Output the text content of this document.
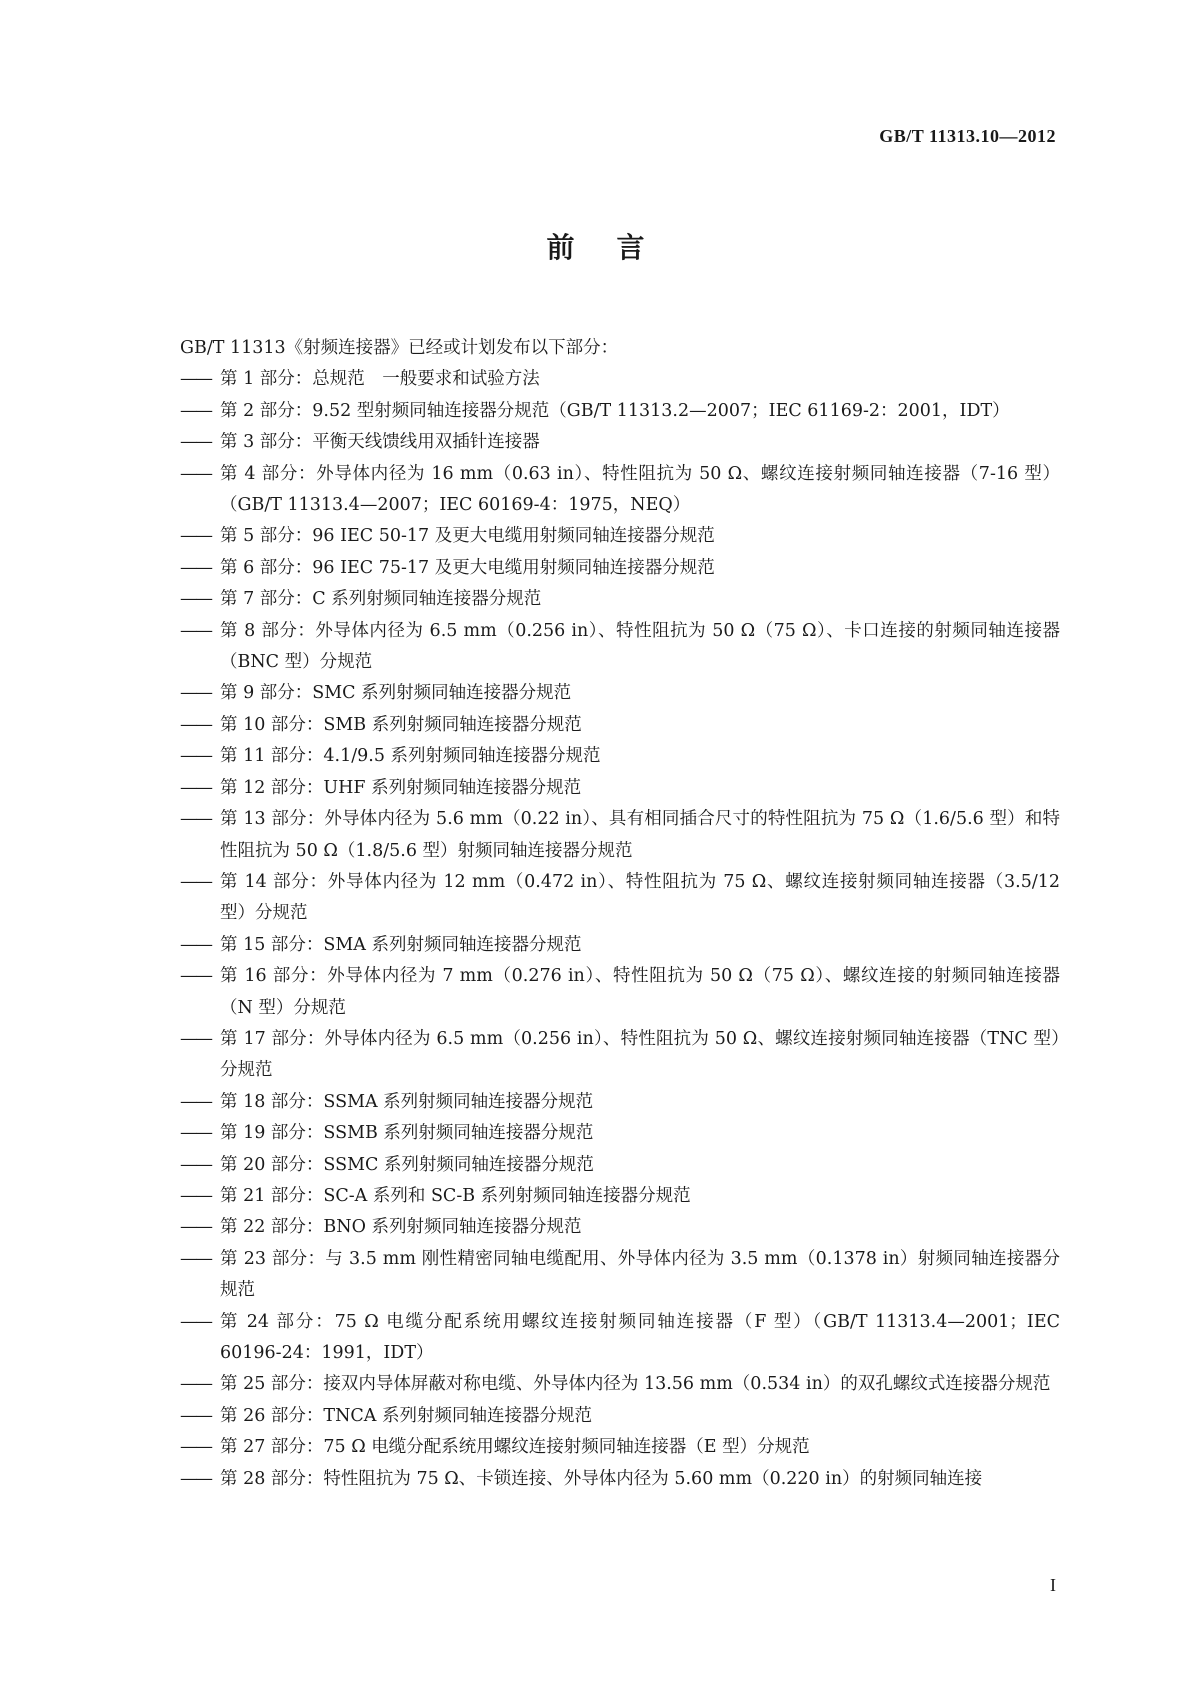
GB/T 11313.10—2012
前言

GB/T 11313《射频连接器》已经或计划发布以下部分：

—— 第 1 部分：总规范　一般要求和试验方法
—— 第 2 部分：9.52 型射频同轴连接器分规范（GB/T 11313.2—2007；IEC 61169-2：2001，IDT）
—— 第 3 部分：平衡天线馈线用双插针连接器
—— 第 4 部分：外导体内径为 16 mm（0.63 in）、特性阻抗为 50 Ω、螺纹连接射频同轴连接器（7-16 型）（GB/T 11313.4—2007；IEC 60169-4：1975，NEQ）
—— 第 5 部分：96 IEC 50-17 及更大电缆用射频同轴连接器分规范
—— 第 6 部分：96 IEC 75-17 及更大电缆用射频同轴连接器分规范
—— 第 7 部分：C 系列射频同轴连接器分规范
—— 第 8 部分：外导体内径为 6.5 mm（0.256 in）、特性阻抗为 50 Ω（75 Ω）、卡口连接的射频同轴连接器（BNC 型）分规范
—— 第 9 部分：SMC 系列射频同轴连接器分规范
—— 第 10 部分：SMB 系列射频同轴连接器分规范
—— 第 11 部分：4.1/9.5 系列射频同轴连接器分规范
—— 第 12 部分：UHF 系列射频同轴连接器分规范
—— 第 13 部分：外导体内径为 5.6 mm（0.22 in）、具有相同插合尺寸的特性阻抗为 75 Ω（1.6/5.6 型）和特性阻抗为 50 Ω（1.8/5.6 型）射频同轴连接器分规范
—— 第 14 部分：外导体内径为 12 mm（0.472 in）、特性阻抗为 75 Ω、螺纹连接射频同轴连接器（3.5/12 型）分规范
—— 第 15 部分：SMA 系列射频同轴连接器分规范
—— 第 16 部分：外导体内径为 7 mm（0.276 in）、特性阻抗为 50 Ω（75 Ω）、螺纹连接的射频同轴连接器（N 型）分规范
—— 第 17 部分：外导体内径为 6.5 mm（0.256 in）、特性阻抗为 50 Ω、螺纹连接射频同轴连接器（TNC 型）分规范
—— 第 18 部分：SSMA 系列射频同轴连接器分规范
—— 第 19 部分：SSMB 系列射频同轴连接器分规范
—— 第 20 部分：SSMC 系列射频同轴连接器分规范
—— 第 21 部分：SC-A 系列和 SC-B 系列射频同轴连接器分规范
—— 第 22 部分：BNO 系列射频同轴连接器分规范
—— 第 23 部分：与 3.5 mm 刚性精密同轴电缆配用、外导体内径为 3.5 mm（0.1378 in）射频同轴连接器分规范
—— 第 24 部分：75 Ω 电缆分配系统用螺纹连接射频同轴连接器（F 型）（GB/T 11313.4—2001；IEC 60196-24：1991，IDT）
—— 第 25 部分：接双内导体屏蔽对称电缆、外导体内径为 13.56 mm（0.534 in）的双孔螺纹式连接器分规范
—— 第 26 部分：TNCA 系列射频同轴连接器分规范
—— 第 27 部分：75 Ω 电缆分配系统用螺纹连接射频同轴连接器（E 型）分规范
—— 第 28 部分：特性阻抗为 75 Ω、卡锁连接、外导体内径为 5.60 mm（0.220 in）的射频同轴连接
I
